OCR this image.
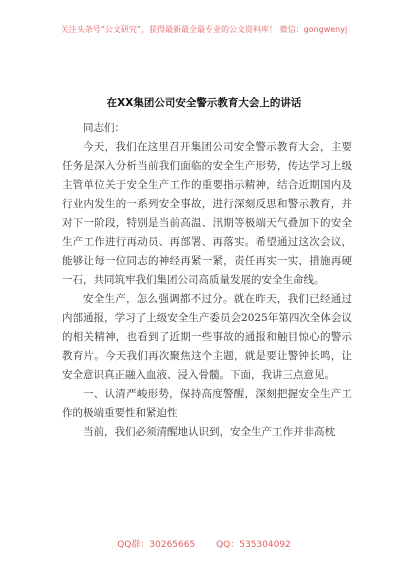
关注头条号“公文研究”，获得最新最全最专业的公文资料库！ 微信：gongwenyj
在XX集团公司安全警示教育大会上的讲话

同志们：

今天，我们在这里召开集团公司安全警示教育大会，主要任务是深入分析当前我们面临的安全生产形势，传达学习上级主管单位关于安全生产工作的重要指示精神，结合近期国内及行业内发生的一系列安全事故，进行深刻反思和警示教育，并对下一阶段，特别是当前高温、汛期等极端天气叠加下的安全生产工作进行再动员、再部署、再落实。希望通过这次会议，能够让每一位同志的神经再紧一紧，责任再实一实，措施再硬一石，共同筑牢我们集团公司高质量发展的安全生命线。

安全生产，怎么强调都不过分。就在昨天，我们已经通过内部通报，学习了上级安全生产委员会2025年第四次全体会议的相关精神，也看到了近期一些事故的通报和触目惊心的警示教育片。今天我们再次聚焦这个主题，就是要让警钟长鸣，让安全意识真正融入血液、浸入骨髓。下面，我讲三点意见。

一、认清严峻形势，保持高度警醒，深刻把握安全生产工作的极端重要性和紧迫性

当前，我们必须清醒地认识到，安全生产工作并非高枕

QQ群：30265665 QQ：535304092
